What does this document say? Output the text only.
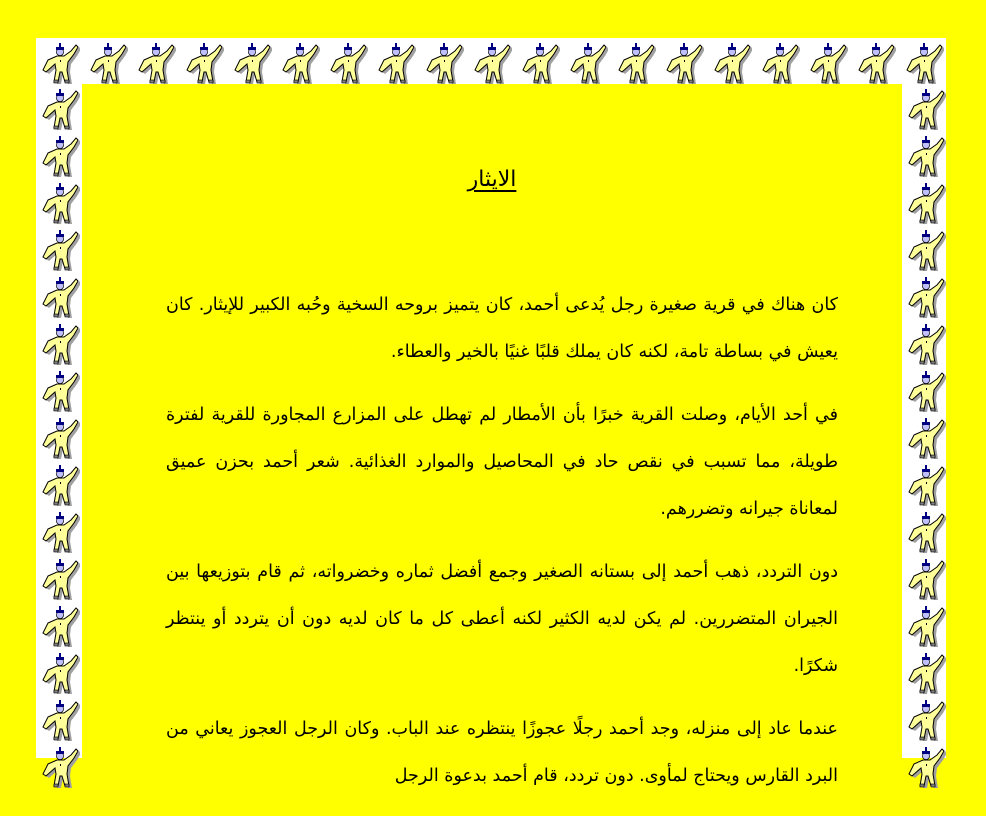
الايثار

كان هناك في قرية صغيرة رجل يُدعى أحمد، كان يتميز بروحه السخية وحُبه الكبير للإيثار. كان يعيش في بساطة تامة، لكنه كان يملك قلبًا غنيًا بالخير والعطاء.

في أحد الأيام، وصلت القرية خبرًا بأن الأمطار لم تهطل على المزارع المجاورة للقرية لفترة طويلة، مما تسبب في نقص حاد في المحاصيل والموارد الغذائية. شعر أحمد بحزن عميق لمعاناة جيرانه وتضررهم.

دون التردد، ذهب أحمد إلى بستانه الصغير وجمع أفضل ثماره وخضرواته، ثم قام بتوزيعها بين الجيران المتضررين. لم يكن لديه الكثير لكنه أعطى كل ما كان لديه دون أن يتردد أو ينتظر شكرًا.

عندما عاد إلى منزله، وجد أحمد رجلًا عجوزًا ينتظره عند الباب. وكان الرجل العجوز يعاني من البرد القارس ويحتاج لمأوى. دون تردد، قام أحمد بدعوة الرجل
